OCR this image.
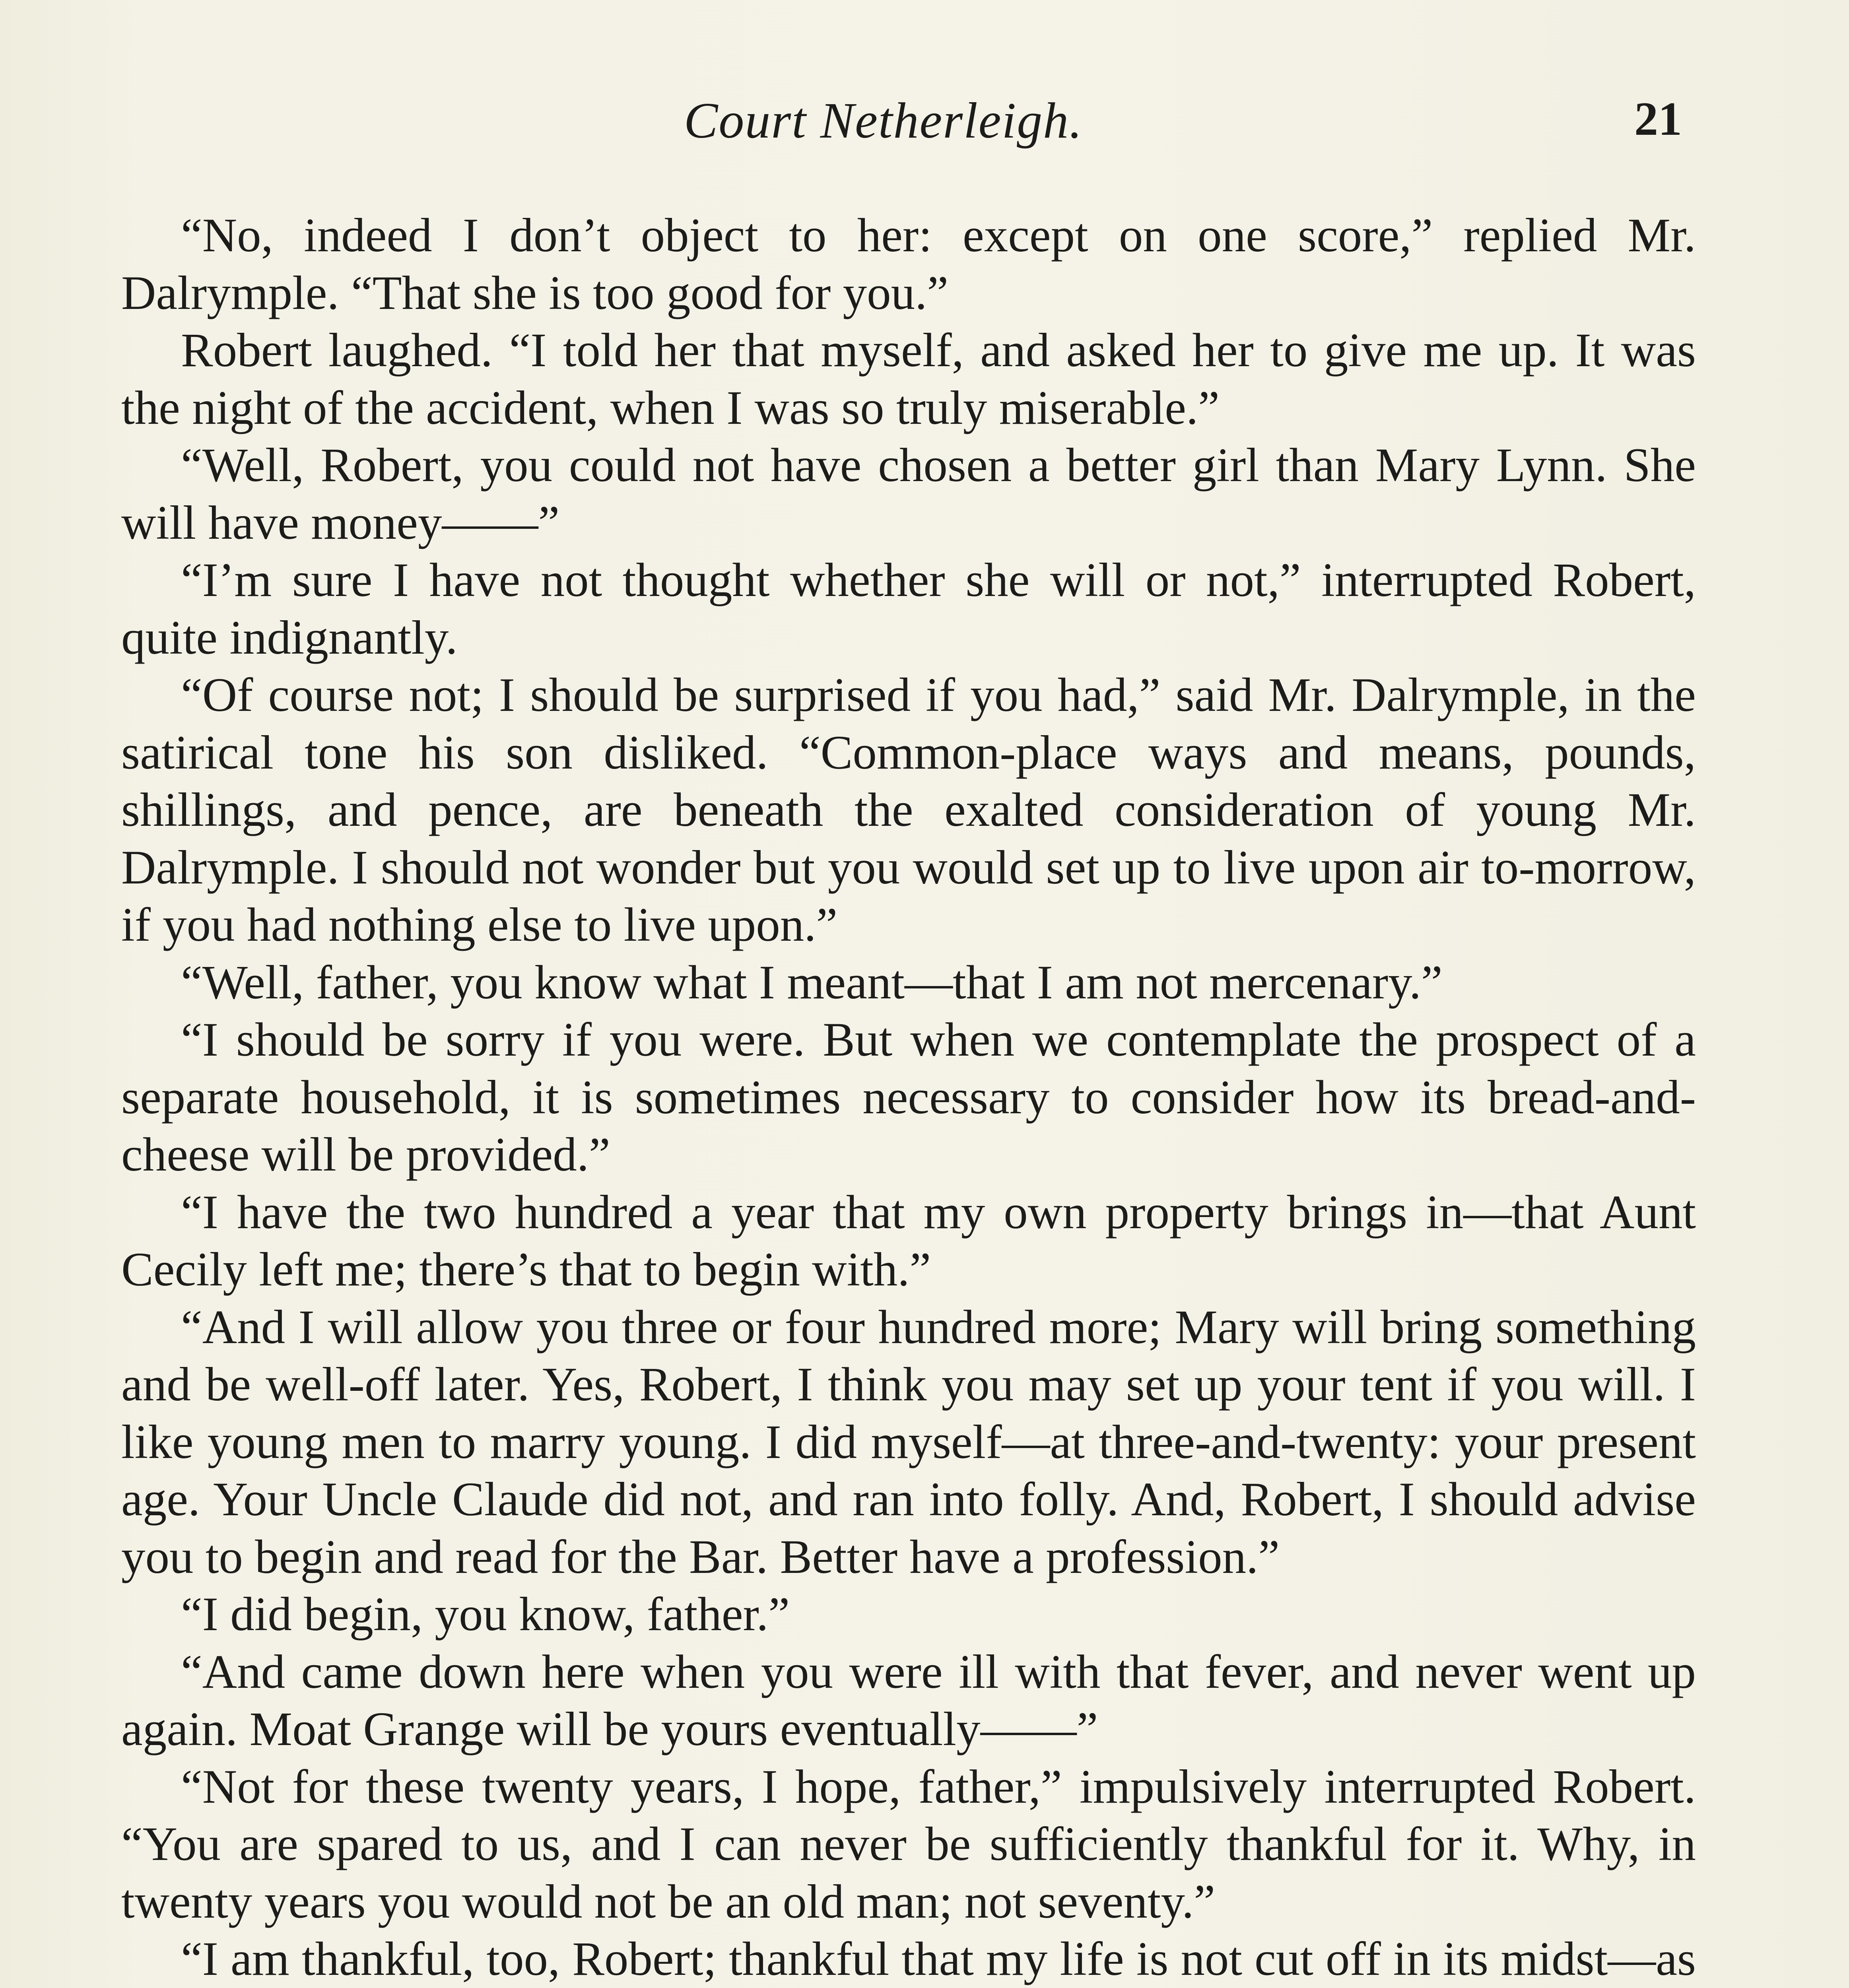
Court Netherleigh.	21

“No, indeed I don’t object to her: except on one score,” replied Mr. Dalrymple. “That she is too good for you.”

Robert laughed. “I told her that myself, and asked her to give me up. It was the night of the accident, when I was so truly miserable.”

“Well, Robert, you could not have chosen a better girl than Mary Lynn. She will have money——”

“I’m sure I have not thought whether she will or not,” interrupted Robert, quite indignantly.

“Of course not; I should be surprised if you had,” said Mr. Dalrymple, in the satirical tone his son disliked. “Common-place ways and means, pounds, shillings, and pence, are beneath the exalted consideration of young Mr. Dalrymple. I should not wonder but you would set up to live upon air to-morrow, if you had nothing else to live upon.”

“Well, father, you know what I meant—that I am not mercenary.”

“I should be sorry if you were. But when we contemplate the prospect of a separate household, it is sometimes necessary to consider how its bread-and-cheese will be provided.”

“I have the two hundred a year that my own property brings in—that Aunt Cecily left me; there’s that to begin with.”

“And I will allow you three or four hundred more; Mary will bring something and be well-off later. Yes, Robert, I think you may set up your tent if you will. I like young men to marry young. I did myself—at three-and-twenty: your present age. Your Uncle Claude did not, and ran into folly. And, Robert, I should advise you to begin and read for the Bar. Better have a profession.”

“I did begin, you know, father.”

“And came down here when you were ill with that fever, and never went up again. Moat Grange will be yours eventually——”

“Not for these twenty years, I hope, father,” impulsively interrupted Robert. “You are spared to us, and I can never be sufficiently thankful for it. Why, in twenty years you would not be an old man; not seventy.”

“I am thankful, too, Robert; thankful that my life is not cut off in its midst—as
